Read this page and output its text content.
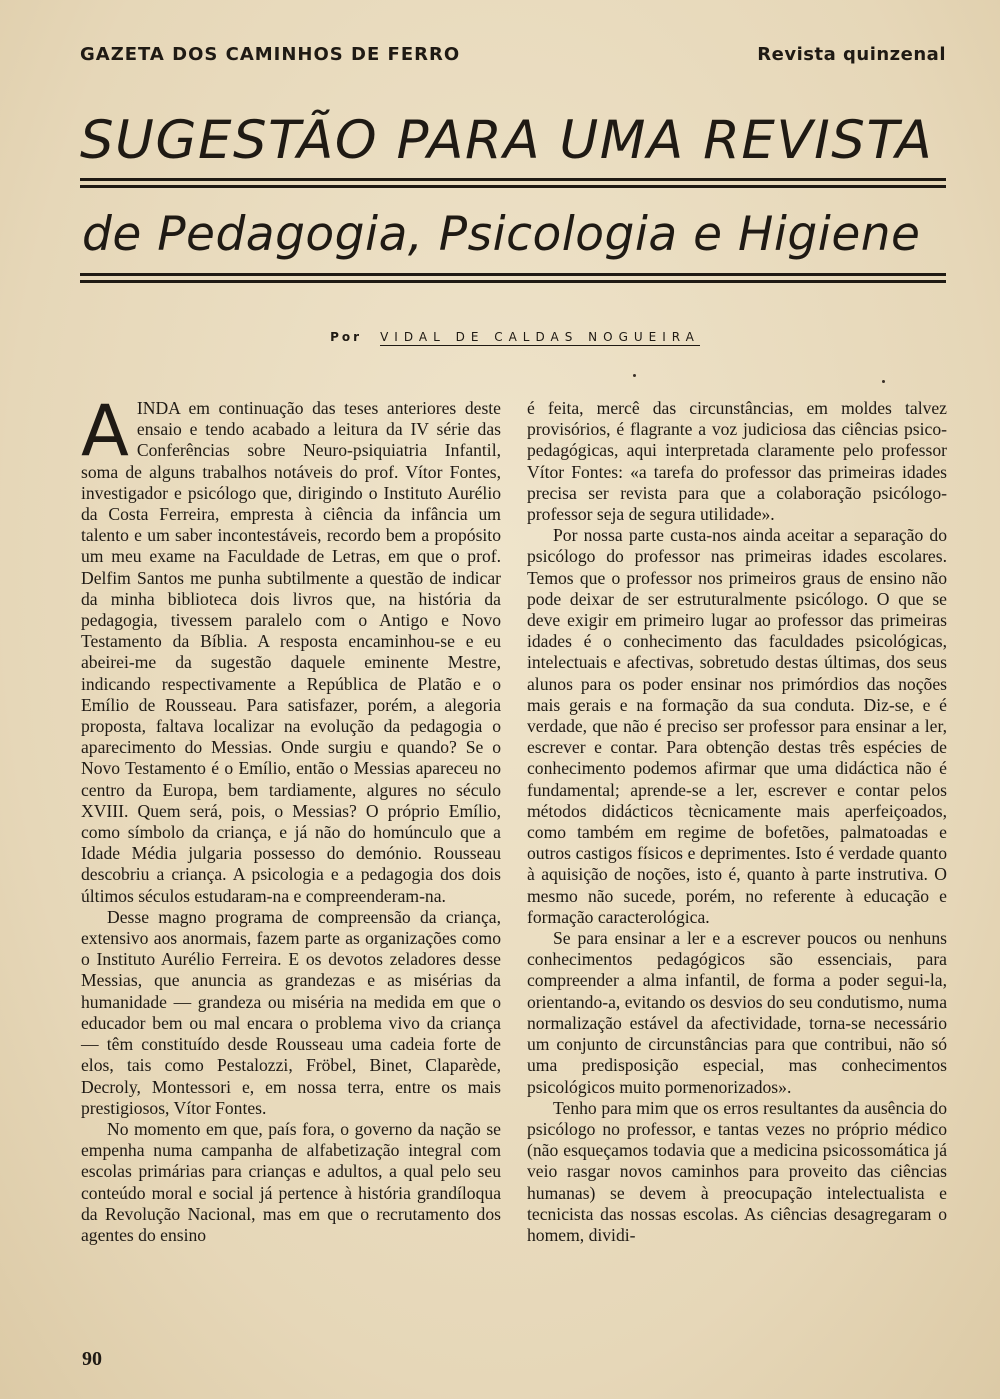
GAZETA DOS CAMINHOS DE FERRO	Revista quinzenal
SUGESTÃO PARA UMA REVISTA
de Pedagogia, Psicologia e Higiene
Por VIDAL DE CALDAS NOGUEIRA

AINDA em continuação das teses anteriores deste ensaio e tendo acabado a leitura da IV série das Conferências sobre Neuro-psiquiatria Infantil, soma de alguns trabalhos notáveis do prof. Vítor Fontes, investigador e psicólogo que, dirigindo o Instituto Aurélio da Costa Ferreira, empresta à ciência da infância um talento e um saber incontestáveis, recordo bem a propósito um meu exame na Faculdade de Letras, em que o prof. Delfim Santos me punha subtilmente a questão de indicar da minha biblioteca dois livros que, na história da pedagogia, tivessem paralelo com o Antigo e Novo Testamento da Bíblia. A resposta encaminhou-se e eu abeirei-me da sugestão daquele eminente Mestre, indicando respectivamente a República de Platão e o Emílio de Rousseau. Para satisfazer, porém, a alegoria proposta, faltava localizar na evolução da pedagogia o aparecimento do Messias. Onde surgiu e quando? Se o Novo Testamento é o Emílio, então o Messias apareceu no centro da Europa, bem tardiamente, algures no século XVIII. Quem será, pois, o Messias? O próprio Emílio, como símbolo da criança, e já não do homúnculo que a Idade Média julgaria possesso do demónio. Rousseau descobriu a criança. A psicologia e a pedagogia dos dois últimos séculos estudaram-na e compreenderam-na.

Desse magno programa de compreensão da criança, extensivo aos anormais, fazem parte as organizações como o Instituto Aurélio Ferreira. E os devotos zeladores desse Messias, que anuncia as grandezas e as misérias da humanidade — grandeza ou miséria na medida em que o educador bem ou mal encara o problema vivo da criança — têm constituído desde Rousseau uma cadeia forte de elos, tais como Pestalozzi, Fröbel, Binet, Claparède, Decroly, Montessori e, em nossa terra, entre os mais prestigiosos, Vítor Fontes.

No momento em que, país fora, o governo da nação se empenha numa campanha de alfabetização integral com escolas primárias para crianças e adultos, a qual pelo seu conteúdo moral e social já pertence à história grandíloqua da Revolução Nacional, mas em que o recrutamento dos agentes do ensino

é feita, mercê das circunstâncias, em moldes talvez provisórios, é flagrante a voz judiciosa das ciências psico-pedagógicas, aqui interpretada claramente pelo professor Vítor Fontes: «a tarefa do professor das primeiras idades precisa ser revista para que a colaboração psicólogo-professor seja de segura utilidade».

Por nossa parte custa-nos ainda aceitar a separação do psicólogo do professor nas primeiras idades escolares. Temos que o professor nos primeiros graus de ensino não pode deixar de ser estruturalmente psicólogo. O que se deve exigir em primeiro lugar ao professor das primeiras idades é o conhecimento das faculdades psicológicas, intelectuais e afectivas, sobretudo destas últimas, dos seus alunos para os poder ensinar nos primórdios das noções mais gerais e na formação da sua conduta. Diz-se, e é verdade, que não é preciso ser professor para ensinar a ler, escrever e contar. Para obtenção destas três espécies de conhecimento podemos afirmar que uma didáctica não é fundamental; aprende-se a ler, escrever e contar pelos métodos didácticos tècnicamente mais aperfeiçoados, como também em regime de bofetões, palmatoadas e outros castigos físicos e deprimentes. Isto é verdade quanto à aquisição de noções, isto é, quanto à parte instrutiva. O mesmo não sucede, porém, no referente à educação e formação caracterológica.

Se para ensinar a ler e a escrever poucos ou nenhuns conhecimentos pedagógicos são essenciais, para compreender a alma infantil, de forma a poder segui-la, orientando-a, evitando os desvios do seu condutismo, numa normalização estável da afectividade, torna-se necessário um conjunto de circunstâncias para que contribui, não só uma predisposição especial, mas conhecimentos psicológicos muito pormenorizados».

Tenho para mim que os erros resultantes da ausência do psicólogo no professor, e tantas vezes no próprio médico (não esqueçamos todavia que a medicina psicossomática já veio rasgar novos caminhos para proveito das ciências humanas) se devem à preocupação intelectualista e tecnicista das nossas escolas. As ciências desagregaram o homem, dividi-

90
